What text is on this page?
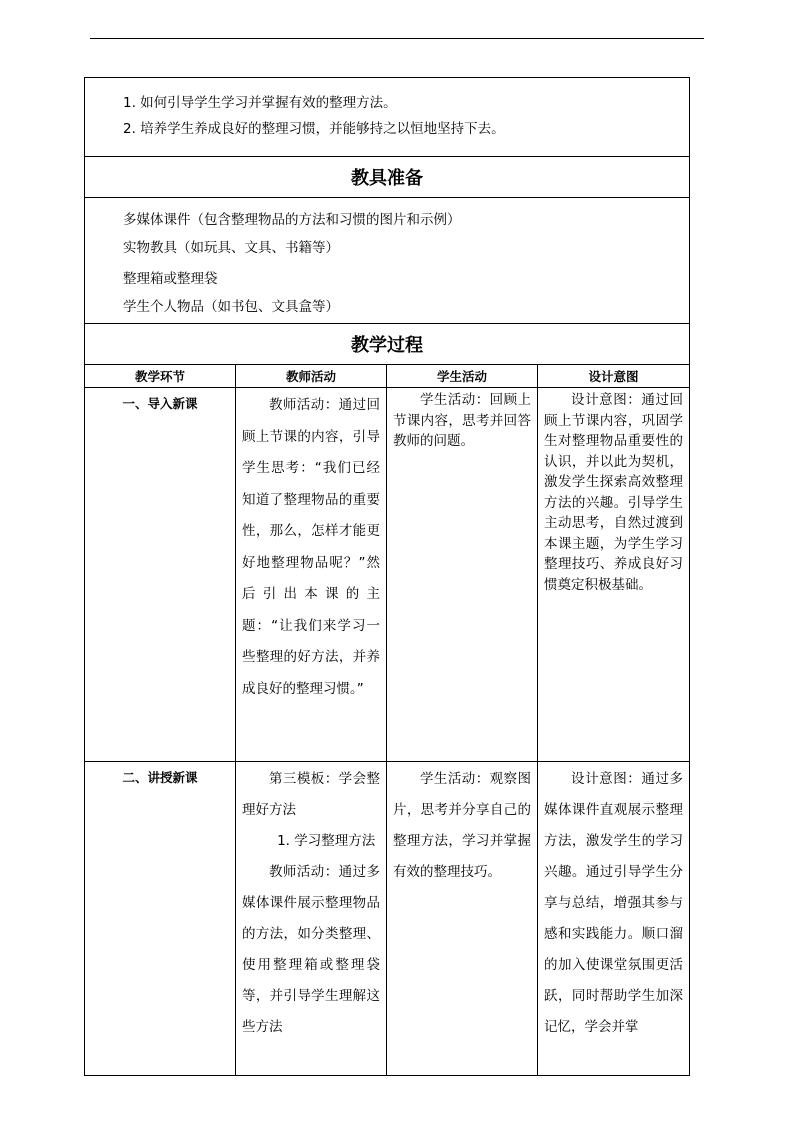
1. 如何引导学生学习并掌握有效的整理方法。
2. 培养学生养成良好的整理习惯，并能够持之以恒地坚持下去。			

教具准备			

多媒体课件（包含整理物品的方法和习惯的图片和示例）
实物教具（如玩具、文具、书籍等）
整理箱或整理袋
学生个人物品（如书包、文具盒等）			

教学过程			
教学环节	教师活动	学生活动	设计意图
一、导入新课	教师活动：通过回顾上节课的内容，引导学生思考：“我们已经知道了整理物品的重要性，那么，怎样才能更好地整理物品呢？”然后引出本课的主题：“让我们来学习一些整理的好方法，并养成良好的整理习惯。”	学生活动：回顾上节课内容，思考并回答教师的问题。	设计意图：通过回顾上节课内容，巩固学生对整理物品重要性的认识，并以此为契机，激发学生探索高效整理方法的兴趣。引导学生主动思考，自然过渡到本课主题，为学生学习整理技巧、养成良好习惯奠定积极基础。
二、讲授新课	第三模板：学会整理好方法
1. 学习整理方法
教师活动：通过多媒体课件展示整理物品的方法，如分类整理、使用整理箱或整理袋等，并引导学生理解这些方法	学生活动：观察图片，思考并分享自己的整理方法，学习并掌握有效的整理技巧。	设计意图：通过多媒体课件直观展示整理方法，激发学生的学习兴趣。通过引导学生分享与总结，增强其参与感和实践能力。顺口溜的加入使课堂氛围更活跃，同时帮助学生加深记忆，学会并掌
